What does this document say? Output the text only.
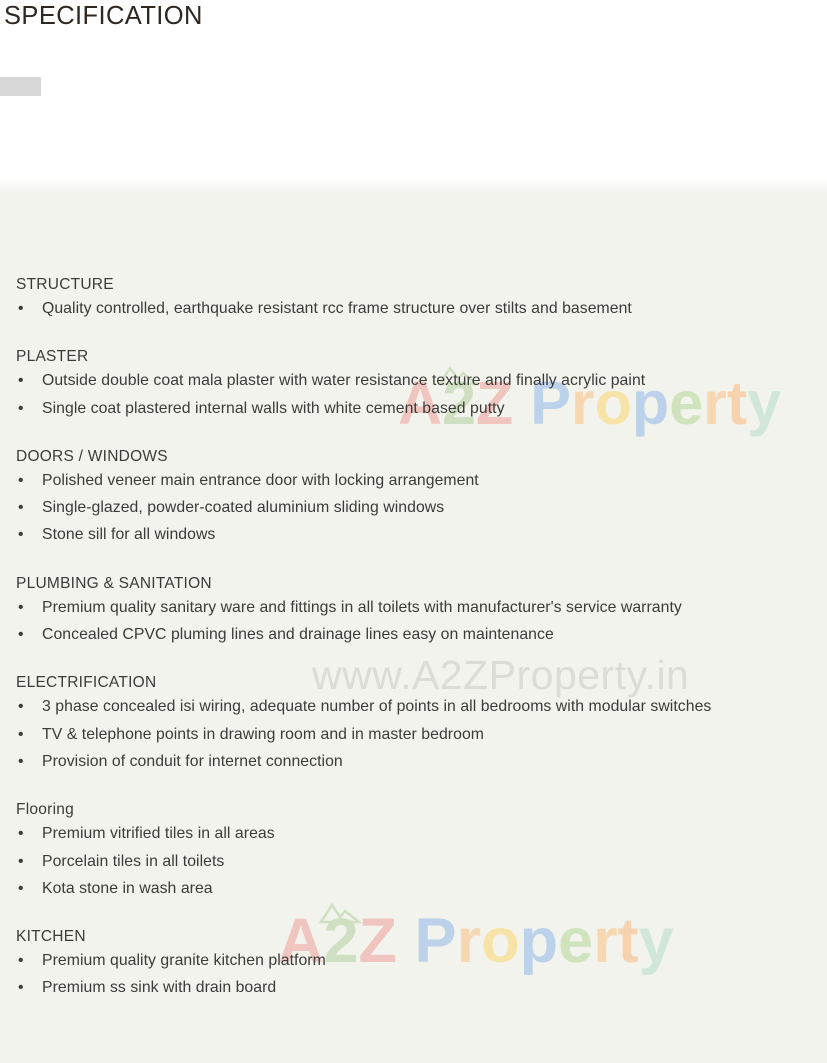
SPECIFICATION
A2Z Property
www.A2ZProperty.in
A2Z Property
STRUCTURE
• Quality controlled, earthquake resistant rcc frame structure over stilts and basement
PLASTER
• Outside double coat mala plaster with water resistance texture and finally acrylic paint
• Single coat plastered internal walls with white cement based putty
DOORS / WINDOWS
• Polished veneer main entrance door with locking arrangement
• Single-glazed, powder-coated aluminium sliding windows
• Stone sill for all windows
PLUMBING & SANITATION
• Premium quality sanitary ware and fittings in all toilets with manufacturer's service warranty
• Concealed CPVC pluming lines and drainage lines easy on maintenance
ELECTRIFICATION
• 3 phase concealed isi wiring, adequate number of points in all bedrooms with modular switches
• TV & telephone points in drawing room and in master bedroom
• Provision of conduit for internet connection
Flooring
• Premium vitrified tiles in all areas
• Porcelain tiles in all toilets
• Kota stone in wash area
KITCHEN
• Premium quality granite kitchen platform
• Premium ss sink with drain board
